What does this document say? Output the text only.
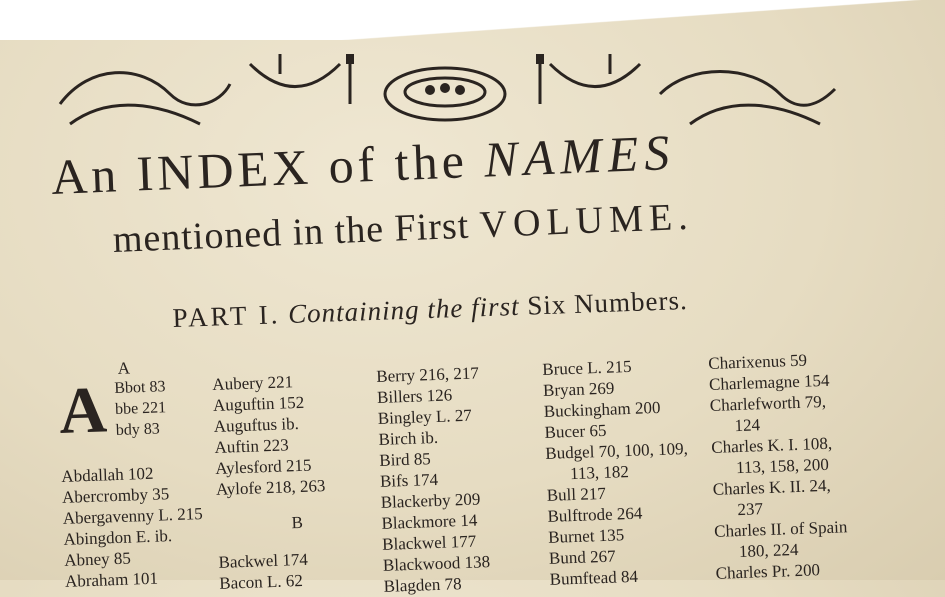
An INDEX of the NAMES
mentioned in the First VOLUME.
PART I. Containing the first Six Numbers.
A
A Bbot 83
bbe 221
bdy 83
Abdallah 102
Abercromby 35
Abergavenny L. 215
Abingdon E. ib.
Abney 85
Abraham 101
Aubery 221
Auguftin 152
Auguftus ib.
Auftin 223
Aylesford 215
Aylofe 218, 263
B
Backwel 174
Bacon L. 62
Berry 216, 217
Billers 126
Bingley L. 27
Birch ib.
Bird 85
Bifs 174
Blackerby 209
Blackmore 14
Blackwel 177
Blackwood 138
Blagden 78
Bruce L. 215
Bryan 269
Buckingham 200
Bucer 65
Budgel 70, 100, 109,
113, 182
Bull 217
Bulftrode 264
Burnet 135
Bund 267
Bumftead 84
Charixenus 59
Charlemagne 154
Charlefworth 79,
124
Charles K. I. 108,
113, 158, 200
Charles K. II. 24,
237
Charles II. of Spain
180, 224
Charles Pr. 200
